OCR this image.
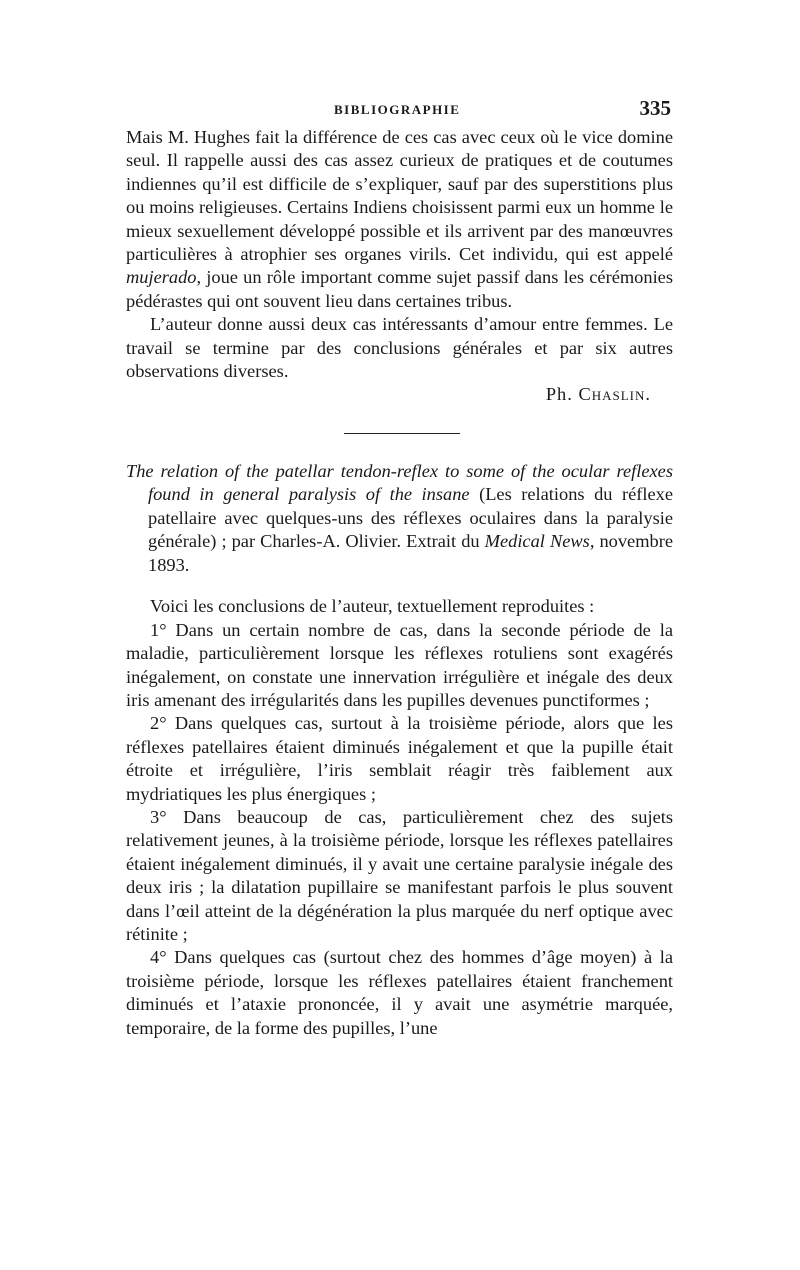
BIBLIOGRAPHIE	335

Mais M. Hughes fait la différence de ces cas avec ceux où le vice domine seul. Il rappelle aussi des cas assez curieux de pratiques et de coutumes indiennes qu’il est difficile de s’expliquer, sauf par des superstitions plus ou moins religieuses. Certains Indiens choisissent parmi eux un homme le mieux sexuellement développé possible et ils arrivent par des manœuvres particulières à atrophier ses organes virils. Cet individu, qui est appelé mujerado, joue un rôle important comme sujet passif dans les cérémonies pédérastes qui ont souvent lieu dans certaines tribus.

L’auteur donne aussi deux cas intéressants d’amour entre femmes. Le travail se termine par des conclusions générales et par six autres observations diverses.

Ph. Chaslin.

The relation of the patellar tendon-reflex to some of the ocular reflexes found in general paralysis of the insane (Les relations du réflexe patellaire avec quelques-uns des réflexes oculaires dans la paralysie générale) ; par Charles-A. Olivier. Extrait du Medical News, novembre 1893.

Voici les conclusions de l’auteur, textuellement reproduites :

1° Dans un certain nombre de cas, dans la seconde période de la maladie, particulièrement lorsque les réflexes rotuliens sont exagérés inégalement, on constate une innervation irrégulière et inégale des deux iris amenant des irrégularités dans les pupilles devenues punctiformes ;

2° Dans quelques cas, surtout à la troisième période, alors que les réflexes patellaires étaient diminués inégalement et que la pupille était étroite et irrégulière, l’iris semblait réagir très faiblement aux mydriatiques les plus énergiques ;

3° Dans beaucoup de cas, particulièrement chez des sujets relativement jeunes, à la troisième période, lorsque les réflexes patellaires étaient inégalement diminués, il y avait une certaine paralysie inégale des deux iris ; la dilatation pupillaire se manifestant parfois le plus souvent dans l’œil atteint de la dégénération la plus marquée du nerf optique avec rétinite ;

4° Dans quelques cas (surtout chez des hommes d’âge moyen) à la troisième période, lorsque les réflexes patellaires étaient franchement diminués et l’ataxie prononcée, il y avait une asymétrie marquée, temporaire, de la forme des pupilles, l’une
